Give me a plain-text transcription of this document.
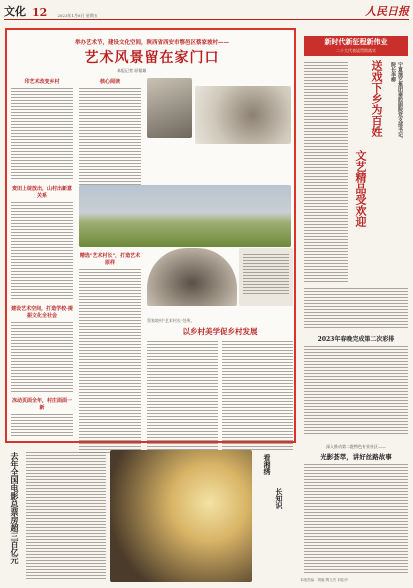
文化 12	2023年1月6日 星期五	人民日报
举办艺术节，建设文化空间，陕西省西安市鄠邑区蔡家坡村——
艺术风景留在家门口
本报记者 原韬雄
印艺术改变乡村
麦田上绽放出，山村出新意关系
建设艺术空间，打造学校·提振文化全社会
冻动页面全年，村庄面面一新
核心阅读
精选"艺术村长"，打造艺术原样
蔡家坡村"艺术村长"处所。
以乡村美学促乡村发展
新时代新征程新伟业
二十大代表谈贯彻落实
宁夏演艺集团秦腔剧院党支部书记、院长李柳
送戏下乡为百姓
文艺精品受欢迎
2023年春晚完成第二次彩排
去年全国电影总票房超三百亿元	看湘绣
长知识
深入推动第二批特色专业社区——
光影荟萃，讲好丝路故事
本版责编：胡璇 陶文杰 刘佳伊
